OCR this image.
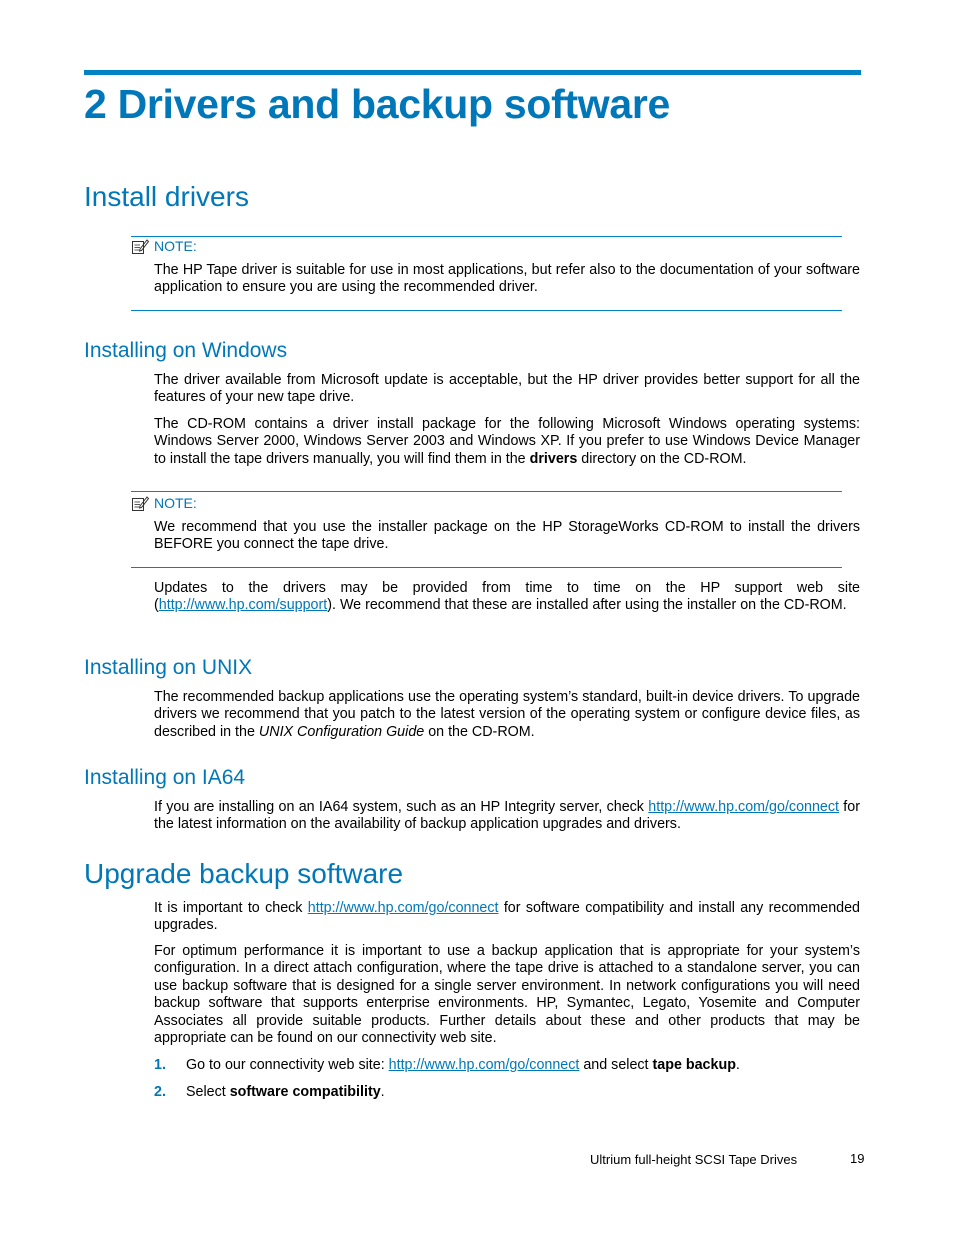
2 Drivers and backup software
Install drivers
NOTE:

The HP Tape driver is suitable for use in most applications, but refer also to the documentation of your software application to ensure you are using the recommended driver.

Installing on Windows

The driver available from Microsoft update is acceptable, but the HP driver provides better support for all the features of your new tape drive.

The CD-ROM contains a driver install package for the following Microsoft Windows operating systems: Windows Server 2000, Windows Server 2003 and Windows XP. If you prefer to use Windows Device Manager to install the tape drivers manually, you will find them in the drivers directory on the CD-ROM.

NOTE:

We recommend that you use the installer package on the HP StorageWorks CD-ROM to install the drivers BEFORE you connect the tape drive.

Updates to the drivers may be provided from time to time on the HP support web site (http://www.hp.com/support). We recommend that these are installed after using the installer on the CD-ROM.

Installing on UNIX

The recommended backup applications use the operating system’s standard, built-in device drivers. To upgrade drivers we recommend that you patch to the latest version of the operating system or configure device files, as described in the UNIX Configuration Guide on the CD-ROM.

Installing on IA64

If you are installing on an IA64 system, such as an HP Integrity server, check http://www.hp.com/go/connect for the latest information on the availability of backup application upgrades and drivers.

Upgrade backup software

It is important to check http://www.hp.com/go/connect for software compatibility and install any recommended upgrades.

For optimum performance it is important to use a backup application that is appropriate for your system’s configuration. In a direct attach configuration, where the tape drive is attached to a standalone server, you can use backup software that is designed for a single server environment. In network configurations you will need backup software that supports enterprise environments. HP, Symantec, Legato, Yosemite and Computer Associates all provide suitable products. Further details about these and other products that may be appropriate can be found on our connectivity web site.

1. Go to our connectivity web site: http://www.hp.com/go/connect and select tape backup.
2. Select software compatibility.
Ultrium full-height SCSI Tape Drives	19
